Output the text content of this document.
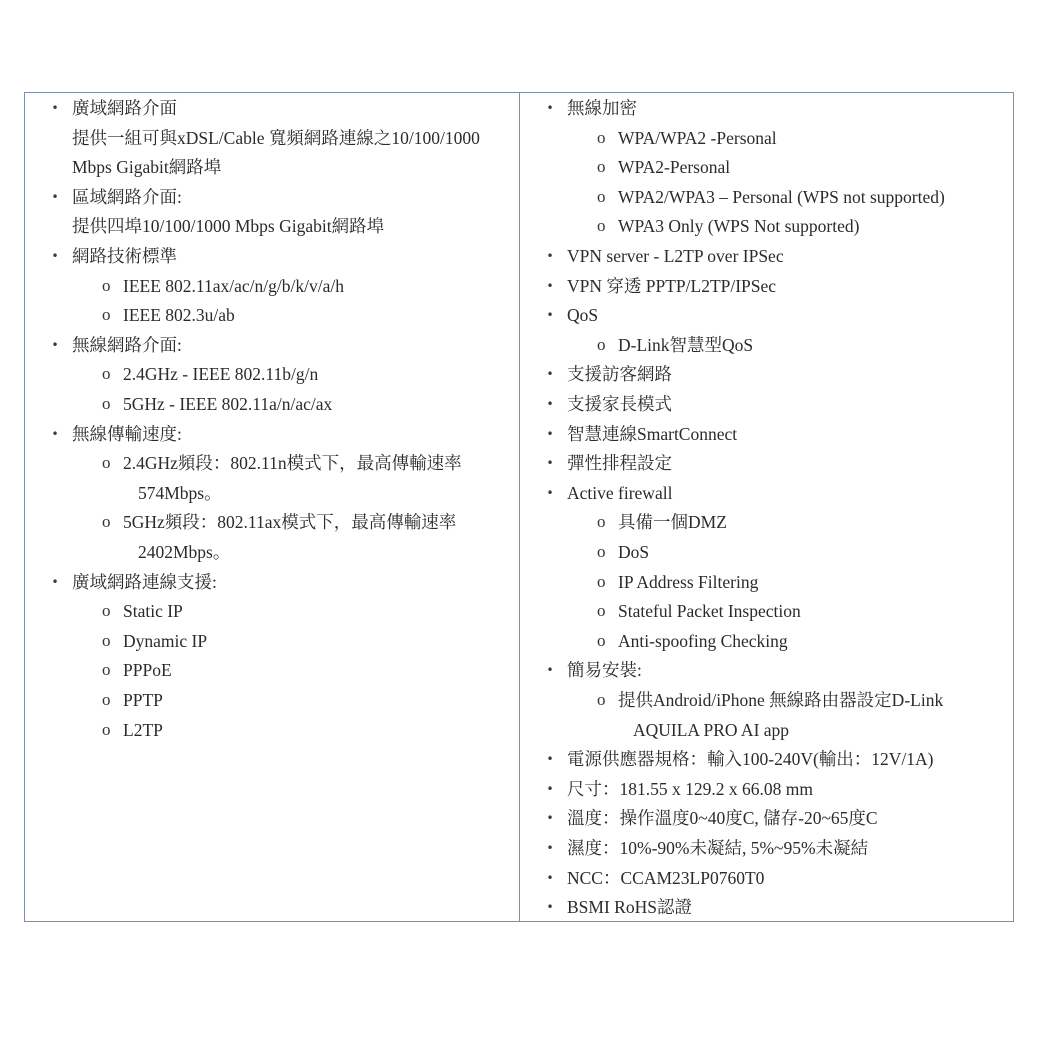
• 廣域網路介面
提供一組可與xDSL/Cable 寬頻網路連線之10/100/1000
Mbps Gigabit網路埠
• 區域網路介面:
提供四埠10/100/1000 Mbps Gigabit網路埠
• 網路技術標準
o IEEE 802.11ax/ac/n/g/b/k/v/a/h
o IEEE 802.3u/ab
• 無線網路介面:
o 2.4GHz - IEEE 802.11b/g/n
o 5GHz - IEEE 802.11a/n/ac/ax
• 無線傳輸速度:
o 2.4GHz頻段：802.11n模式下，最高傳輸速率
574Mbps。
o 5GHz頻段：802.11ax模式下，最高傳輸速率
2402Mbps。
• 廣域網路連線支援:
o Static IP
o Dynamic IP
o PPPoE
o PPTP
o L2TP
• 無線加密
o WPA/WPA2 -Personal
o WPA2-Personal
o WPA2/WPA3 – Personal (WPS not supported)
o WPA3 Only (WPS Not supported)
• VPN server - L2TP over IPSec
• VPN 穿透 PPTP/L2TP/IPSec
• QoS
o D-Link智慧型QoS
• 支援訪客網路
• 支援家長模式
• 智慧連線SmartConnect
• 彈性排程設定
• Active firewall
o 具備一個DMZ
o DoS
o IP Address Filtering
o Stateful Packet Inspection
o Anti-spoofing Checking
• 簡易安裝:
o 提供Android/iPhone 無線路由器設定D-Link
AQUILA PRO AI app
• 電源供應器規格：輸入100-240V(輸出：12V/1A)
• 尺寸：181.55 x 129.2 x 66.08 mm
• 溫度：操作溫度0~40度C, 儲存-20~65度C
• 濕度：10%-90%未凝結, 5%~95%未凝結
• NCC：CCAM23LP0760T0
• BSMI RoHS認證
